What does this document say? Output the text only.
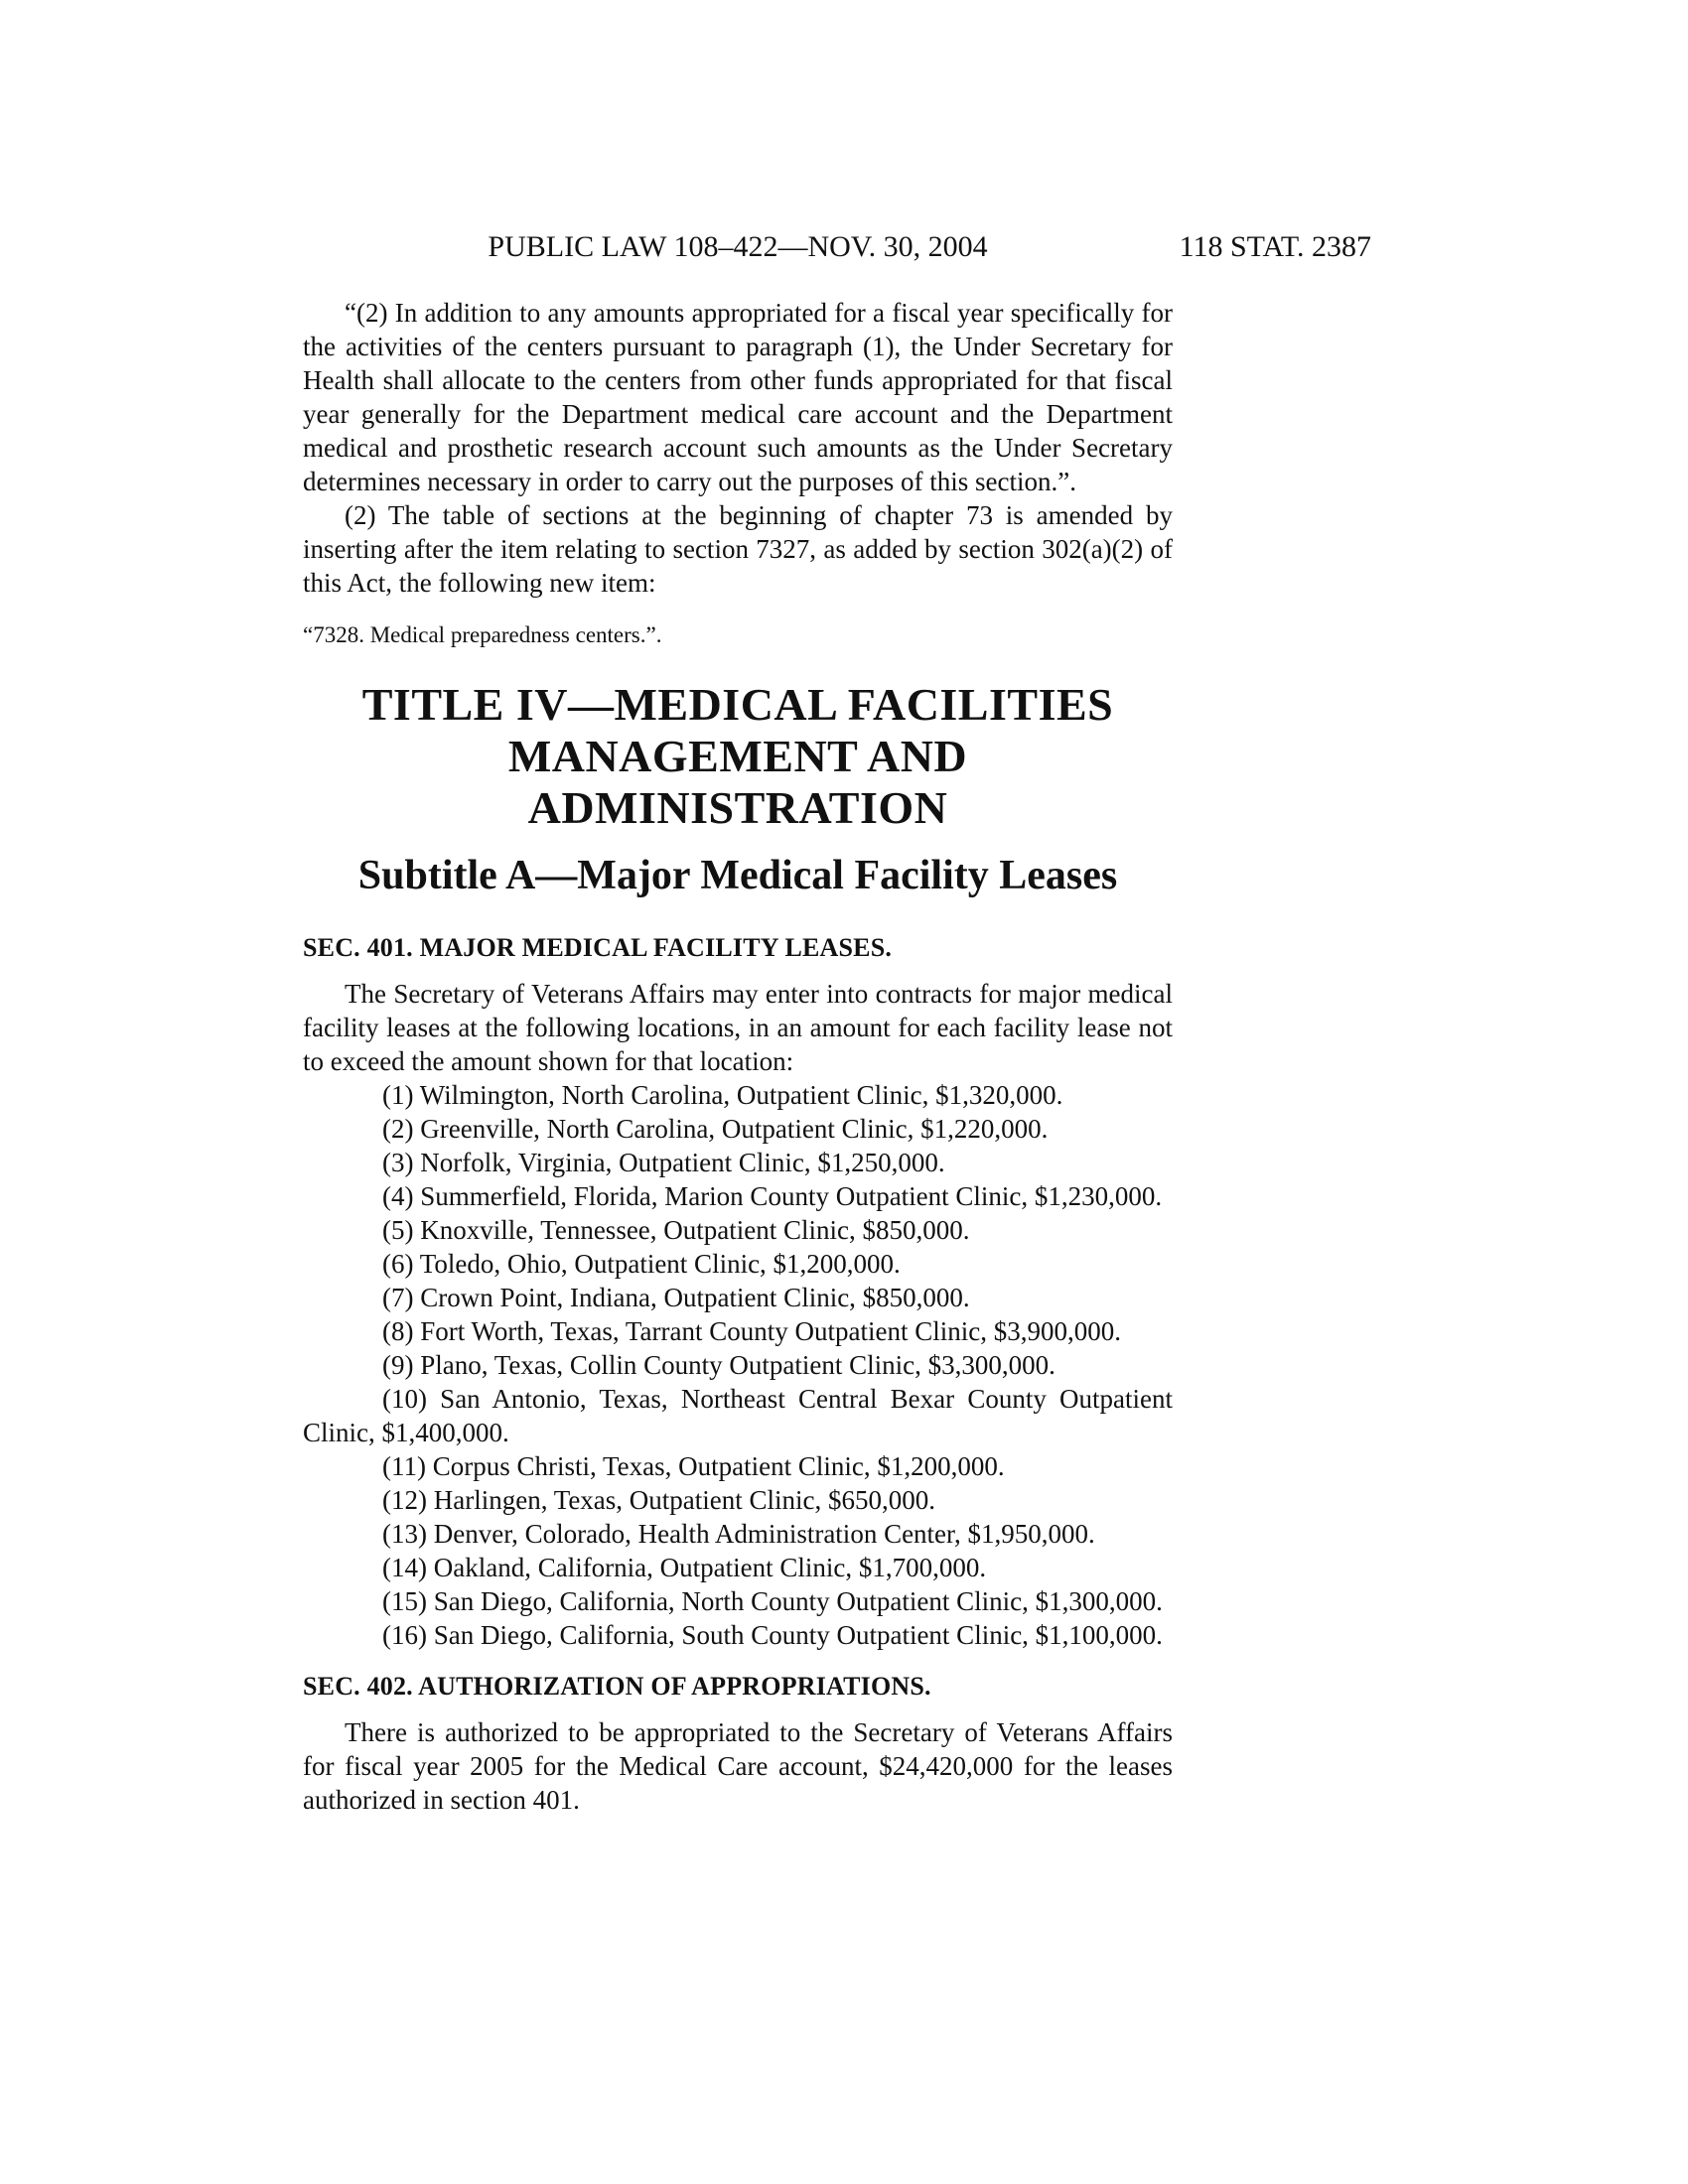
PUBLIC LAW 108–422—NOV. 30, 2004	118 STAT. 2387

“(2) In addition to any amounts appropriated for a fiscal year specifically for the activities of the centers pursuant to paragraph (1), the Under Secretary for Health shall allocate to the centers from other funds appropriated for that fiscal year generally for the Department medical care account and the Department medical and prosthetic research account such amounts as the Under Secretary determines necessary in order to carry out the purposes of this section.”.

(2) The table of sections at the beginning of chapter 73 is amended by inserting after the item relating to section 7327, as added by section 302(a)(2) of this Act, the following new item:

“7328. Medical preparedness centers.”.
TITLE IV—MEDICAL FACILITIES MANAGEMENT AND ADMINISTRATION
Subtitle A—Major Medical Facility Leases
SEC. 401. MAJOR MEDICAL FACILITY LEASES.

The Secretary of Veterans Affairs may enter into contracts for major medical facility leases at the following locations, in an amount for each facility lease not to exceed the amount shown for that location:

(1) Wilmington, North Carolina, Outpatient Clinic, $1,320,000.

(2) Greenville, North Carolina, Outpatient Clinic, $1,220,000.

(3) Norfolk, Virginia, Outpatient Clinic, $1,250,000.

(4) Summerfield, Florida, Marion County Outpatient Clinic, $1,230,000.

(5) Knoxville, Tennessee, Outpatient Clinic, $850,000.

(6) Toledo, Ohio, Outpatient Clinic, $1,200,000.

(7) Crown Point, Indiana, Outpatient Clinic, $850,000.

(8) Fort Worth, Texas, Tarrant County Outpatient Clinic, $3,900,000.

(9) Plano, Texas, Collin County Outpatient Clinic, $3,300,000.

(10) San Antonio, Texas, Northeast Central Bexar County Outpatient Clinic, $1,400,000.

(11) Corpus Christi, Texas, Outpatient Clinic, $1,200,000.

(12) Harlingen, Texas, Outpatient Clinic, $650,000.

(13) Denver, Colorado, Health Administration Center, $1,950,000.

(14) Oakland, California, Outpatient Clinic, $1,700,000.

(15) San Diego, California, North County Outpatient Clinic, $1,300,000.

(16) San Diego, California, South County Outpatient Clinic, $1,100,000.

SEC. 402. AUTHORIZATION OF APPROPRIATIONS.

There is authorized to be appropriated to the Secretary of Veterans Affairs for fiscal year 2005 for the Medical Care account, $24,420,000 for the leases authorized in section 401.
